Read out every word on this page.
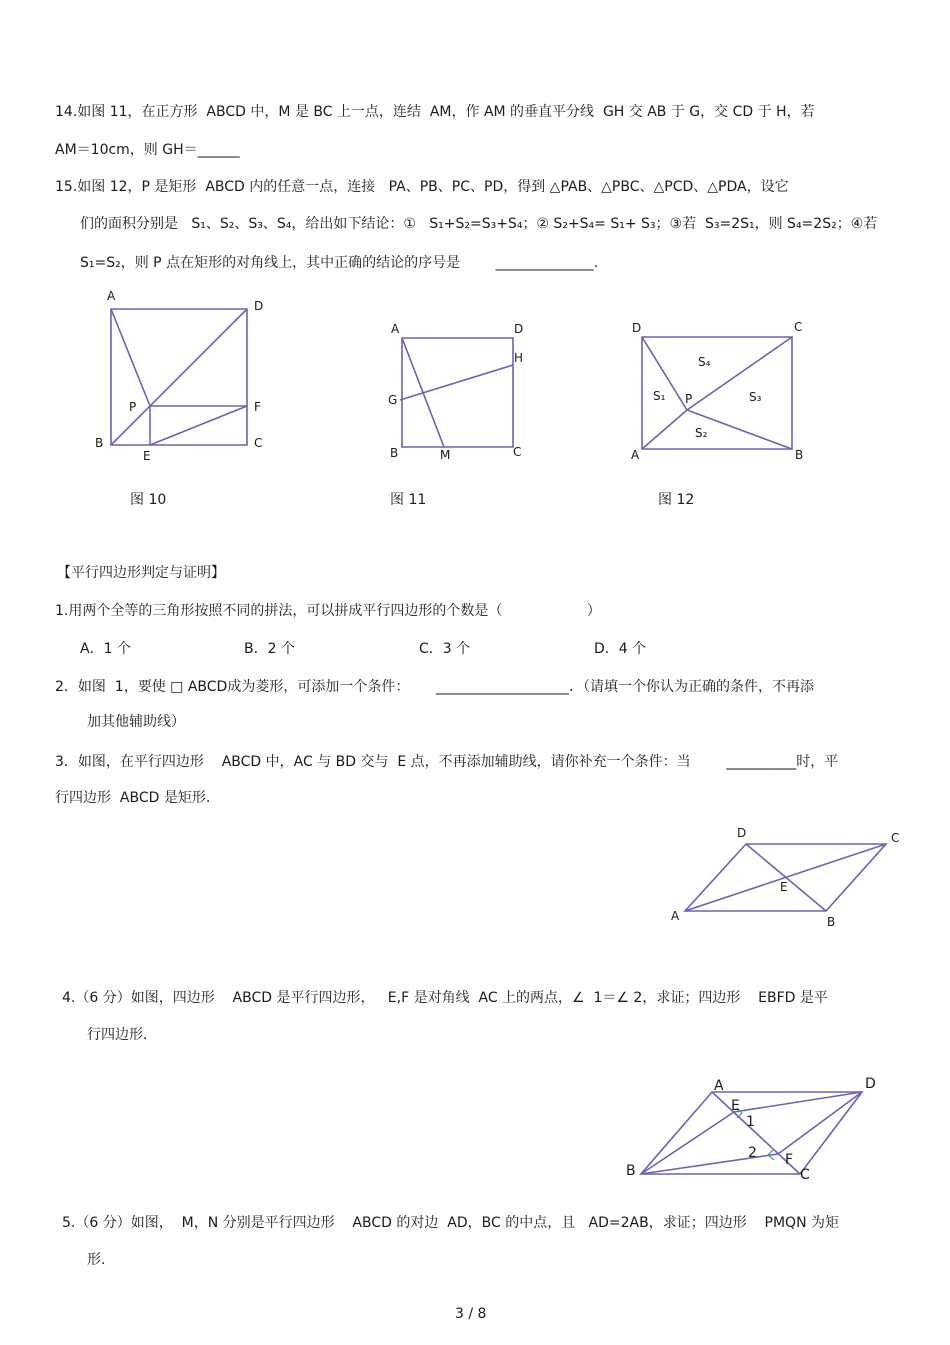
14.如图 11，在正方形  ABCD 中，M 是 BC 上一点，连结  AM，作 AM 的垂直平分线  GH 交 AB 于 G，交 CD 于 H，若
AM＝10cm，则 GH＝______
15.如图 12，P 是矩形  ABCD 内的任意一点，连接   PA、PB、PC、PD，得到 △PAB、△PBC、△PCD、△PDA，设它
们的面积分别是   S₁、S₂、S₃、S₄，给出如下结论：①   S₁+S₂=S₃+S₄；② S₂+S₄= S₁+ S₃；③若  S₃=2S₁，则 S₄=2S₂；④若
S₁=S₂，则 P 点在矩形的对角线上，其中正确的结论的序号是        ______________.
A
D
P	F
B
E
C
图 10
A	D
H
G
B	M	C
图 11
D	C
S₄
S₁ P	S₃
S₂
A	B
图 12
【平行四边形判定与证明】
1.用两个全等的三角形按照不同的拼法，可以拼成平行四边形的个数是（                   ）
A．1 个	B．2 个	C．3 个	D．4 个
2．如图  1，要使 □ ABCD成为菱形，可添加一个条件：      ___________________．（请填一个你认为正确的条件，不再添
加其他辅助线）
3．如图，在平行四边形    ABCD 中，AC 与 BD 交与  E 点，不再添加辅助线，请你补充一个条件：当        __________时，平
行四边形  ABCD 是矩形.
D	C
E
A	B
4.（6 分）如图，四边形    ABCD 是平行四边形，   E,F 是对角线  AC 上的两点，∠  1＝∠ 2，求证；四边形    EBFD 是平
行四边形.
A	D
E
1
2 F
B	C
5.（6 分）如图，  M，N 分别是平行四边形    ABCD 的对边  AD，BC 的中点，且   AD=2AB，求证；四边形    PMQN 为矩
形.
3 / 8
